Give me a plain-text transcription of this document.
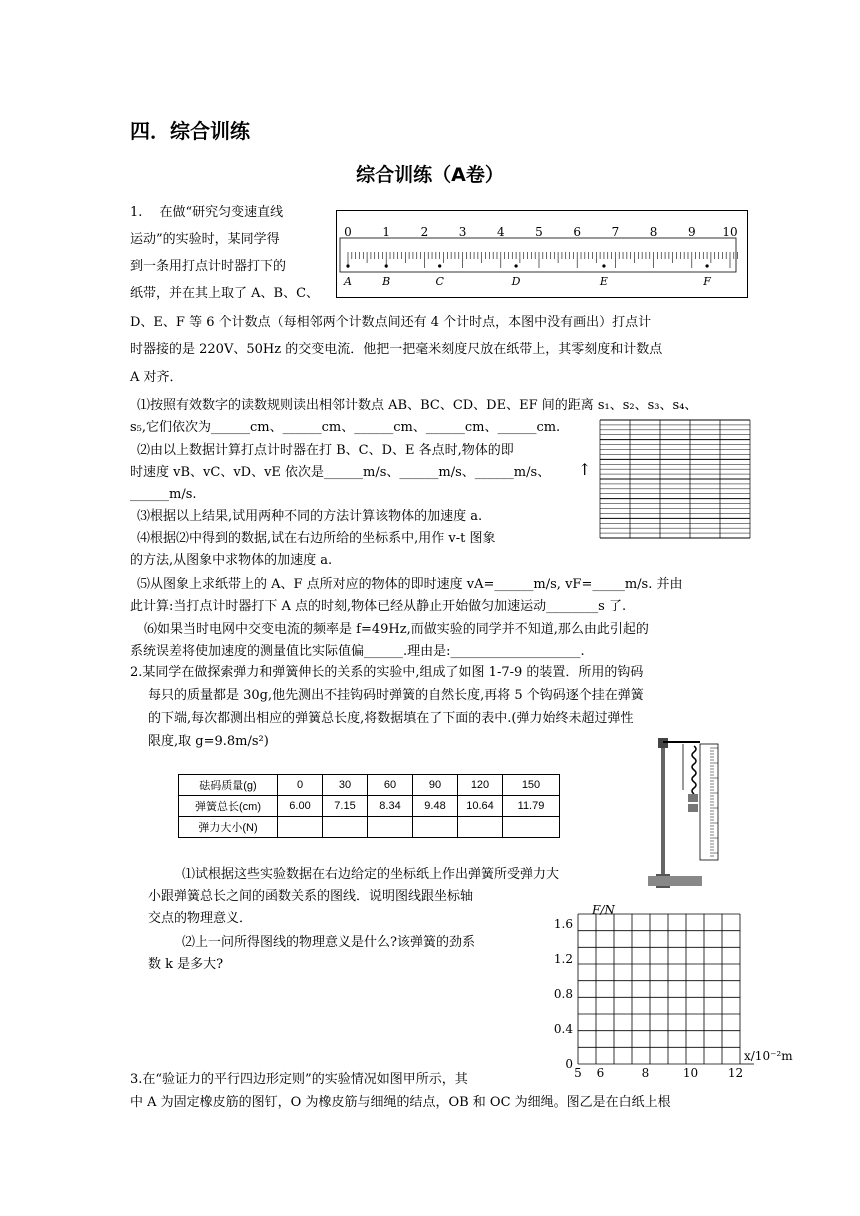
四．综合训练
综合训练（A卷）
1.　 在做“研究匀变速直线
运动”的实验时，某同学得
到一条用打点计时器打下的
纸带，并在其上取了 A、B、C、
D、E、F 等 6 个计数点（每相邻两个计数点间还有 4 个计时点，本图中没有画出）打点计
时器接的是 220V、50Hz 的交变电流．他把一把毫米刻度尺放在纸带上，其零刻度和计数点
A 对齐．
0	1	2	3	4	5	6	7	8	9 10
A	B	C	D	E	F
⑴按照有效数字的读数规则读出相邻计数点 AB、BC、CD、DE、EF 间的距离 s₁、s₂、s₃、s₄、
s₅,它们依次为______cm、______cm、______cm、______cm、______cm.
⑵由以上数据计算打点计时器在打 B、C、D、E 各点时,物体的即
时速度 vB、vC、vD、vE 依次是______m/s、______m/s、______m/s、
______m/s.
↑
⑶根据以上结果,试用两种不同的方法计算该物体的加速度 a.
⑷根据⑵中得到的数据,试在右边所给的坐标系中,用作 v-t 图象
的方法,从图象中求物体的加速度 a.
⑸从图象上求纸带上的 A、F 点所对应的物体的即时速度 vA=______m/s, vF=_____m/s. 并由
此计算:当打点计时器打下 A 点的时刻,物体已经从静止开始做匀加速运动________s 了.
⑹如果当时电网中交变电流的频率是 f=49Hz,而做实验的同学并不知道,那么由此引起的
系统误差将使加速度的测量值比实际值偏______.理由是:____________________.
2.某同学在做探索弹力和弹簧伸长的关系的实验中,组成了如图 1-7-9 的装置．所用的钩码
每只的质量都是 30g,他先测出不挂钩码时弹簧的自然长度,再将 5 个钩码逐个挂在弹簧
的下端,每次都测出相应的弹簧总长度,将数据填在了下面的表中.(弹力始终未超过弹性
限度,取 g=9.8m/s²)
砝码质量(g)	0	30	60	90	120	150
弹簧总长(cm)	6.00	7.15	8.34	9.48	10.64	11.79
弹力大小(N)						
⑴试根据这些实验数据在右边给定的坐标纸上作出弹簧所受弹力大
小跟弹簧总长之间的函数关系的图线．说明图线跟坐标轴
交点的物理意义．
⑵上一问所得图线的物理意义是什么?该弹簧的劲系
数 k 是多大?
F/N
x/10⁻²m
1.6
1.2
0.8
0.4
0
5 6	8	10 12
3.在“验证力的平行四边形定则”的实验情况如图甲所示，其
中 A 为固定橡皮筋的图钉，O 为橡皮筋与细绳的结点，OB 和 OC 为细绳。图乙是在白纸上根
